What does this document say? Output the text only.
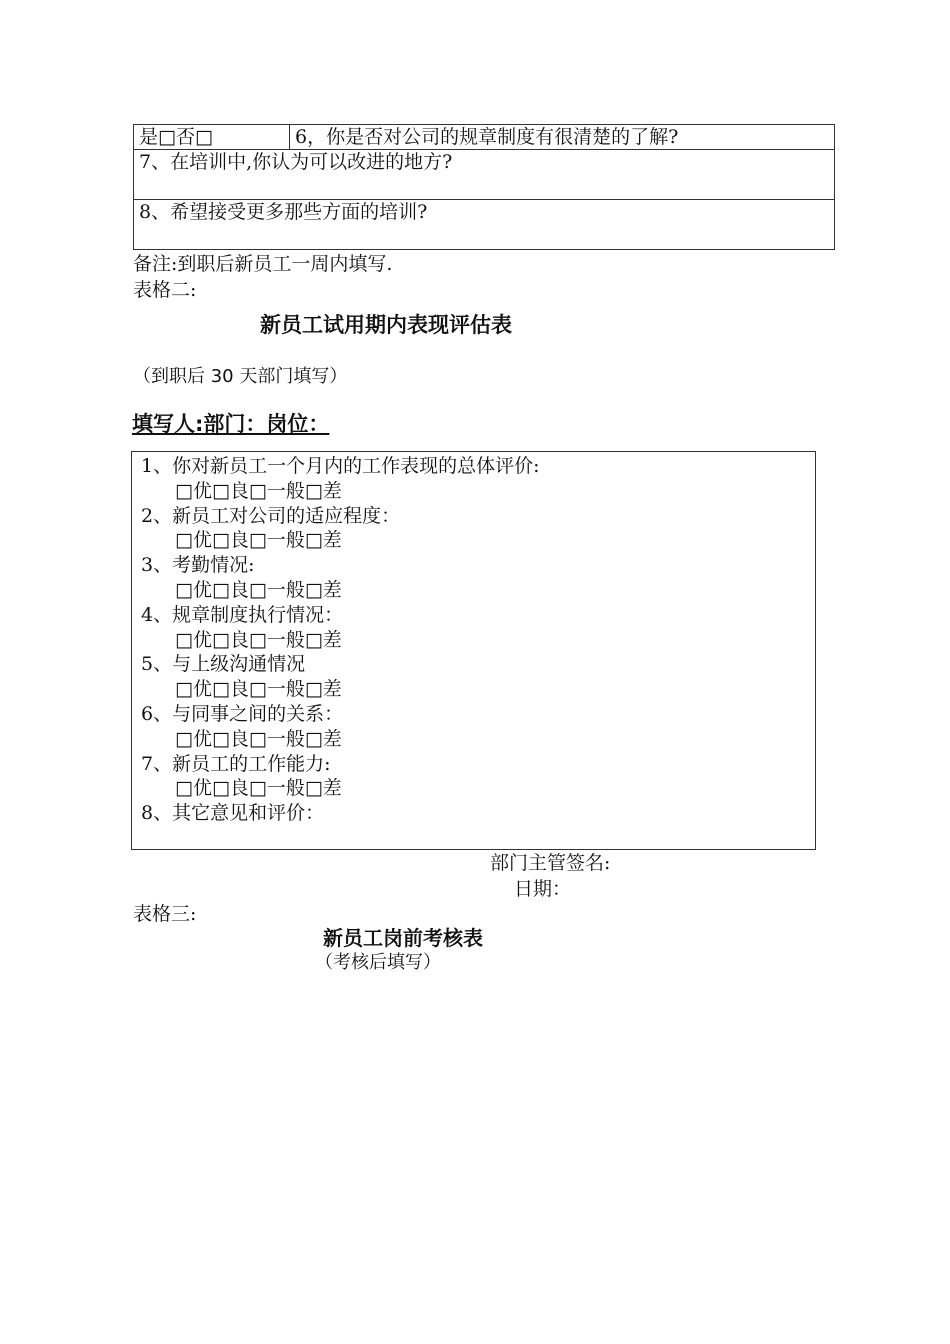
是□否□	6，你是否对公司的规章制度有很清楚的了解?
7、在培训中,你认为可以改进的地方?
8、希望接受更多那些方面的培训?
备注:到职后新员工一周内填写.
表格二:
新员工试用期内表现评估表
（到职后 30 天部门填写）
填写人:部门：岗位：
1、你对新员工一个月内的工作表现的总体评价:
□优□良□一般□差
2、新员工对公司的适应程度：
□优□良□一般□差
3、考勤情况:
□优□良□一般□差
4、规章制度执行情况：
□优□良□一般□差
5、与上级沟通情况
□优□良□一般□差
6、与同事之间的关系：
□优□良□一般□差
7、新员工的工作能力:
□优□良□一般□差
8、其它意见和评价：
部门主管签名:
日期：
表格三:
新员工岗前考核表
（考核后填写）
